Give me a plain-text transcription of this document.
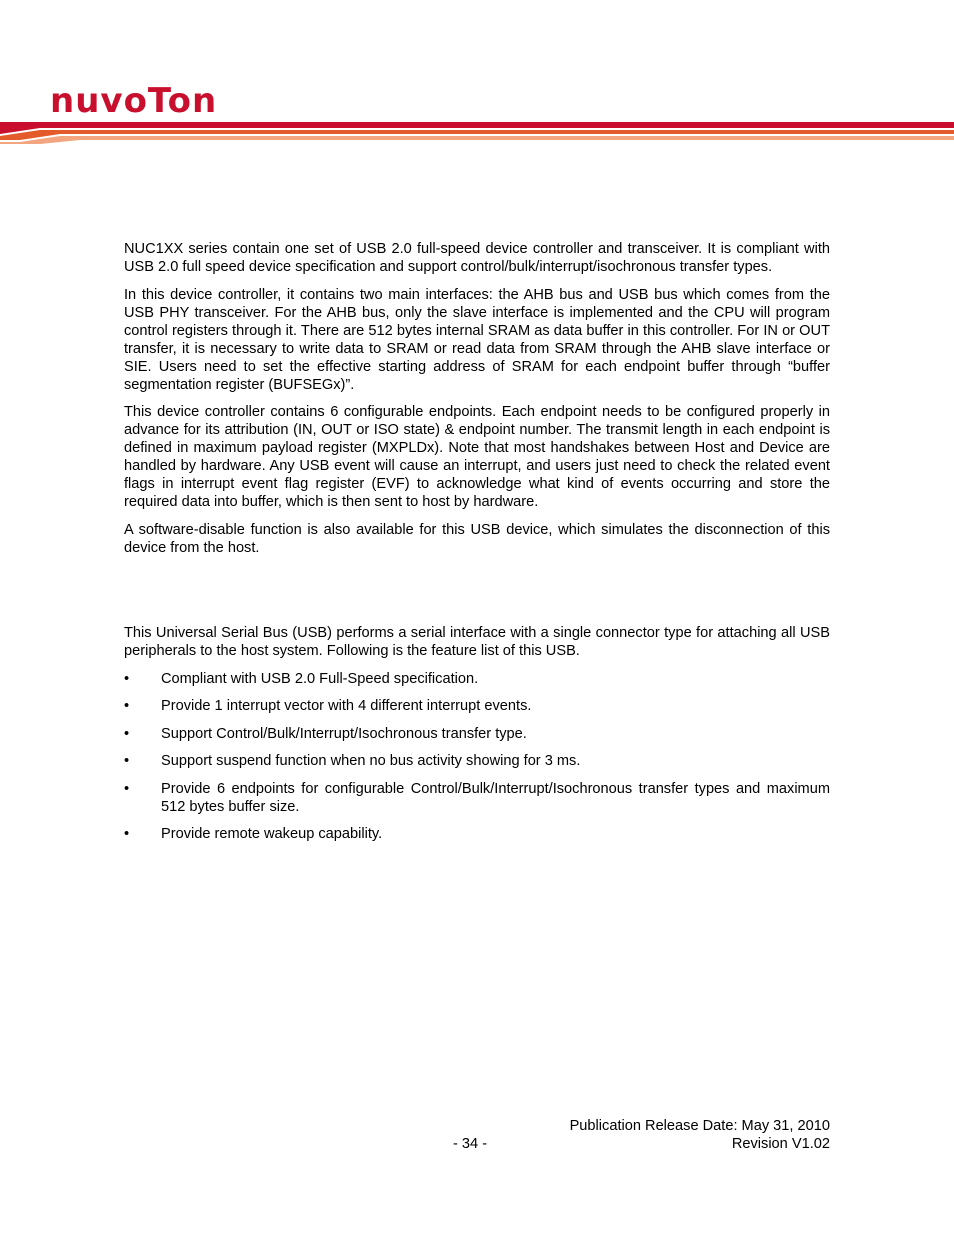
nuvoTon

NUC1XX series contain one set of USB 2.0 full-speed device controller and transceiver. It is compliant with USB 2.0 full speed device specification and support control/bulk/interrupt/isochronous transfer types.

In this device controller, it contains two main interfaces: the AHB bus and USB bus which comes from the USB PHY transceiver. For the AHB bus, only the slave interface is implemented and the CPU will program control registers through it. There are 512 bytes internal SRAM as data buffer in this controller. For IN or OUT transfer, it is necessary to write data to SRAM or read data from SRAM through the AHB slave interface or SIE. Users need to set the effective starting address of SRAM for each endpoint buffer through “buffer segmentation register (BUFSEGx)”.

This device controller contains 6 configurable endpoints. Each endpoint needs to be configured properly in advance for its attribution (IN, OUT or ISO state) & endpoint number. The transmit length in each endpoint is defined in maximum payload register (MXPLDx). Note that most handshakes between Host and Device are handled by hardware. Any USB event will cause an interrupt, and users just need to check the related event flags in interrupt event flag register (EVF) to acknowledge what kind of events occurring and store the required data into buffer, which is then sent to host by hardware.

A software-disable function is also available for this USB device, which simulates the disconnection of this device from the host.

This Universal Serial Bus (USB) performs a serial interface with a single connector type for attaching all USB peripherals to the host system. Following is the feature list of this USB.

• Compliant with USB 2.0 Full-Speed specification.
• Provide 1 interrupt vector with 4 different interrupt events.
• Support Control/Bulk/Interrupt/Isochronous transfer type.
• Support suspend function when no bus activity showing for 3 ms.
• Provide 6 endpoints for configurable Control/Bulk/Interrupt/Isochronous transfer types and maximum 512 bytes buffer size.
• Provide remote wakeup capability.
Publication Release Date: May 31, 2010
- 34 -	Revision V1.02
